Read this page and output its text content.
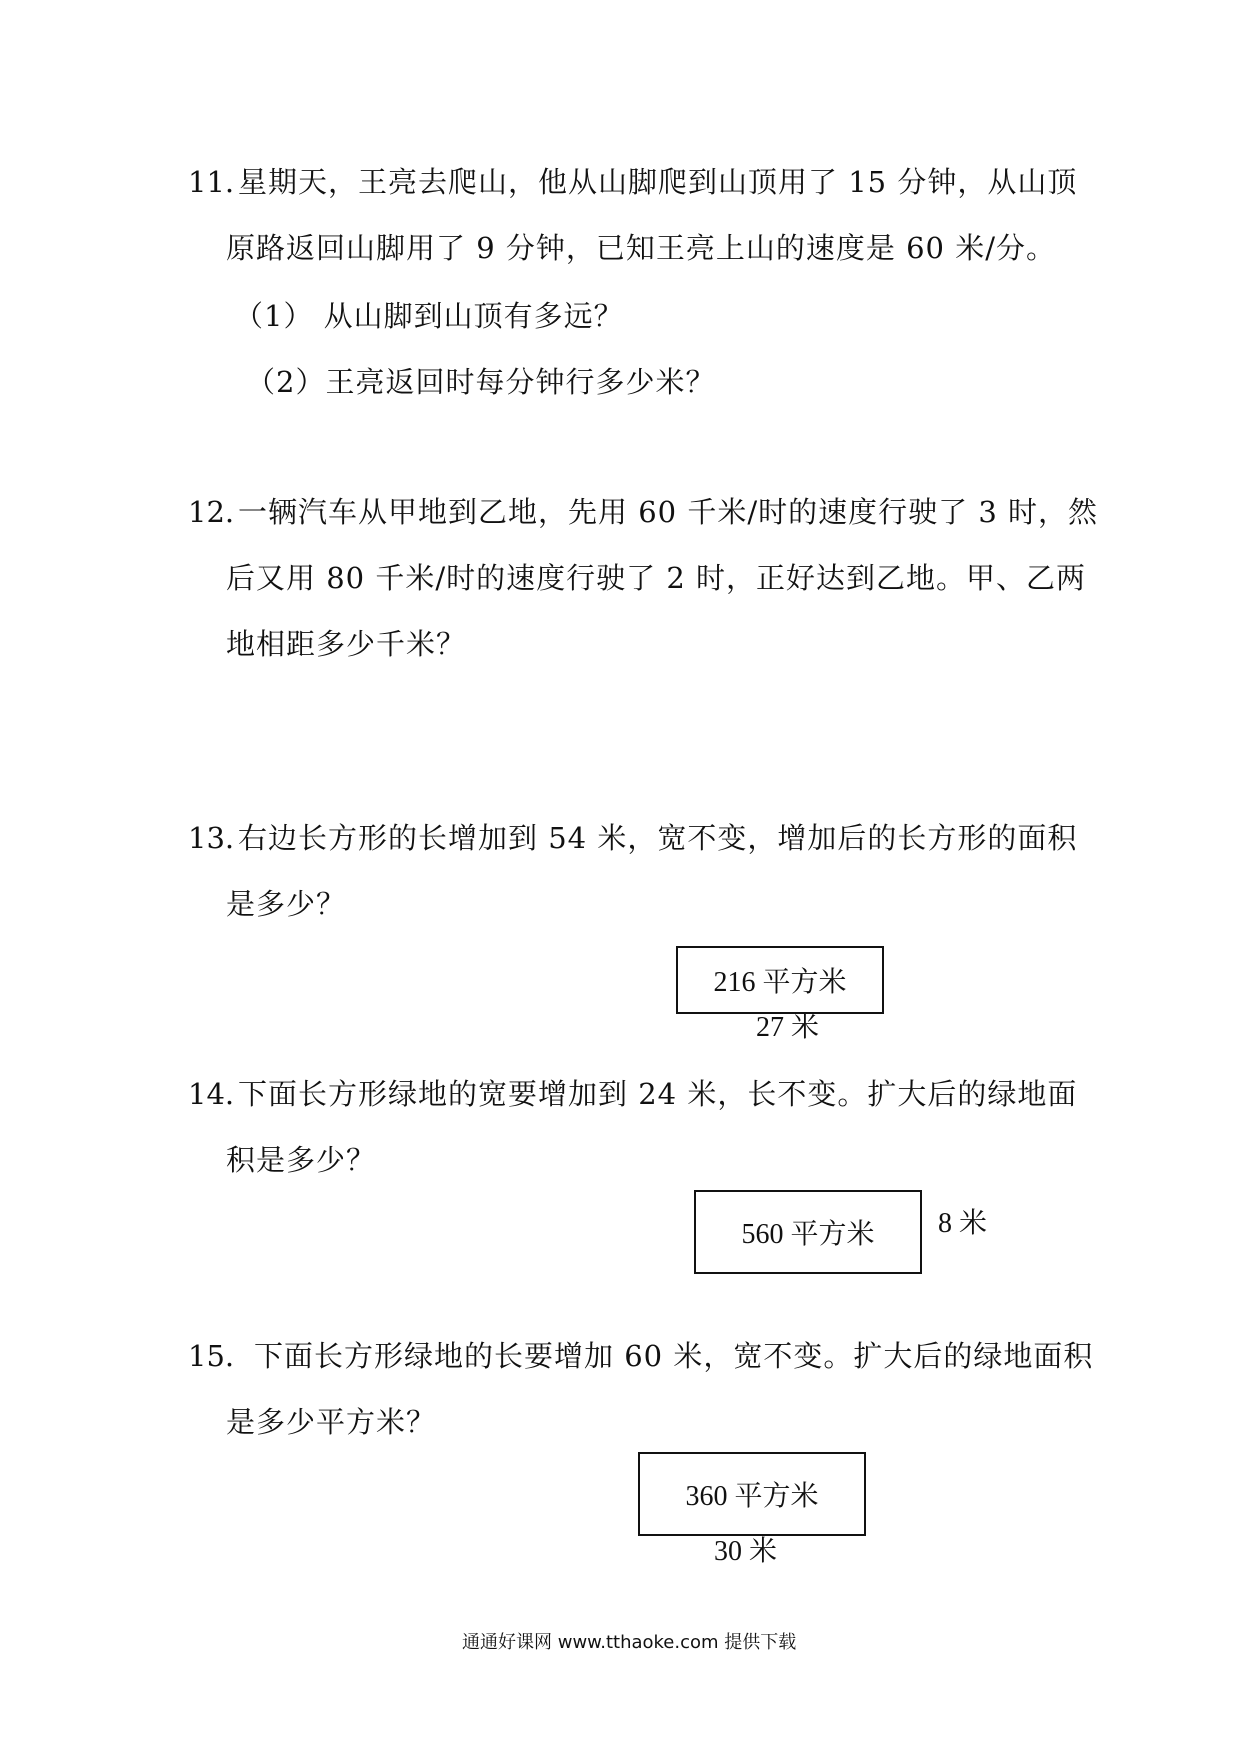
11. 星期天，王亮去爬山，他从山脚爬到山顶用了 15 分钟，从山顶
原路返回山脚用了 9 分钟，已知王亮上山的速度是 60 米/分。
（1） 从山脚到山顶有多远？
（2）王亮返回时每分钟行多少米？
12. 一辆汽车从甲地到乙地，先用 60 千米/时的速度行驶了 3 时，然
后又用 80 千米/时的速度行驶了 2 时，正好达到乙地。甲、乙两
地相距多少千米？
13. 右边长方形的长增加到 54 米，宽不变，增加后的长方形的面积
是多少？
216 平方米
27 米
14. 下面长方形绿地的宽要增加到 24 米，长不变。扩大后的绿地面
积是多少？
560 平方米 8 米
15. 下面长方形绿地的长要增加 60 米，宽不变。扩大后的绿地面积
是多少平方米？
360 平方米
30 米
通通好课网 www.tthaoke.com 提供下载
